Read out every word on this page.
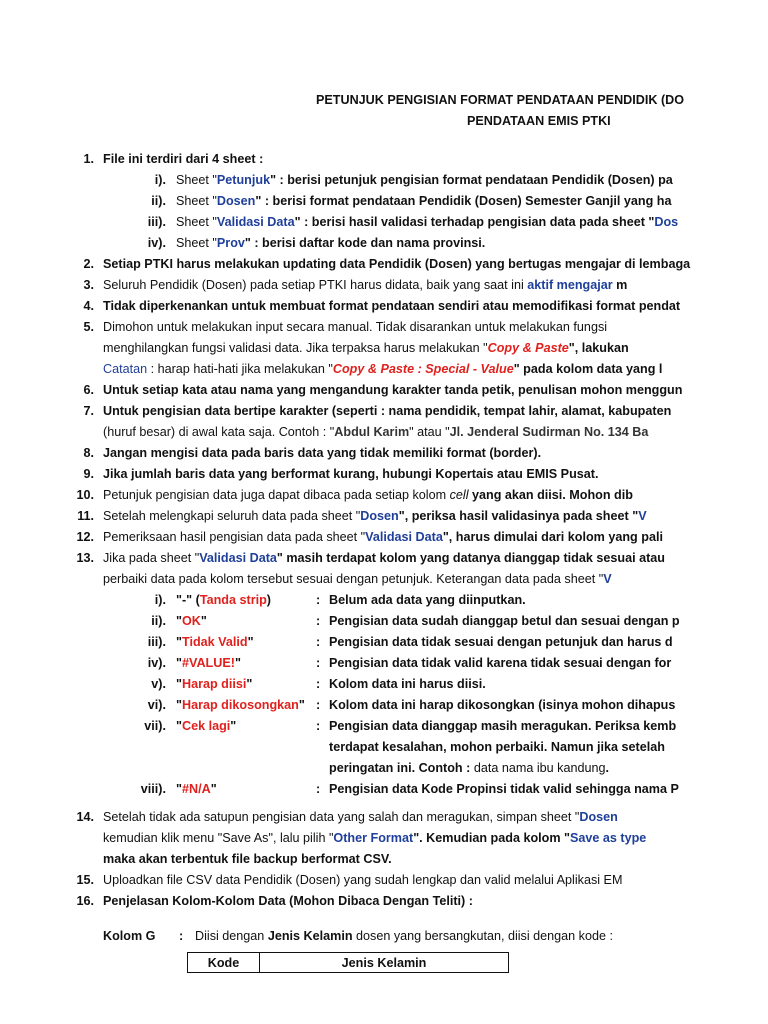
PETUNJUK PENGISIAN FORMAT PENDATAAN PENDIDIK (DO
PENDATAAN EMIS PTKI
1. File ini terdiri dari 4 sheet :
i). Sheet "Petunjuk" : berisi petunjuk pengisian format pendataan Pendidik (Dosen) pa
ii). Sheet "Dosen" : berisi format pendataan Pendidik (Dosen) Semester Ganjil yang ha
iii). Sheet "Validasi Data" : berisi hasil validasi terhadap pengisian data pada sheet "Dos
iv). Sheet "Prov" : berisi daftar kode dan nama provinsi.
2. Setiap PTKI harus melakukan updating data Pendidik (Dosen) yang bertugas mengajar di lembaga
3. Seluruh Pendidik (Dosen) pada setiap PTKI harus didata, baik yang saat ini aktif mengajar m
4. Tidak diperkenankan untuk membuat format pendataan sendiri atau memodifikasi format pendat
5. Dimohon untuk melakukan input secara manual. Tidak disarankan untuk melakukan fungsi
menghilangkan fungsi validasi data. Jika terpaksa harus melakukan "Copy & Paste", lakukan
Catatan : harap hati-hati jika melakukan "Copy & Paste : Special - Value" pada kolom data yang l
6. Untuk setiap kata atau nama yang mengandung karakter tanda petik, penulisan mohon menggun
7. Untuk pengisian data bertipe karakter (seperti : nama pendidik, tempat lahir, alamat, kabupaten
(huruf besar) di awal kata saja. Contoh : "Abdul Karim" atau "Jl. Jenderal Sudirman No. 134 Ba
8. Jangan mengisi data pada baris data yang tidak memiliki format (border).
9. Jika jumlah baris data yang berformat kurang, hubungi Kopertais atau EMIS Pusat.
10. Petunjuk pengisian data juga dapat dibaca pada setiap kolom cell yang akan diisi. Mohon dib
11. Setelah melengkapi seluruh data pada sheet "Dosen", periksa hasil validasinya pada sheet "V
12. Pemeriksaan hasil pengisian data pada sheet "Validasi Data", harus dimulai dari kolom yang pali
13. Jika pada sheet "Validasi Data" masih terdapat kolom yang datanya dianggap tidak sesuai atau
perbaiki data pada kolom tersebut sesuai dengan petunjuk. Keterangan data pada sheet "V
i). "-" (Tanda strip)	: Belum ada data yang diinputkan.
ii). "OK"	: Pengisian data sudah dianggap betul dan sesuai dengan p
iii). "Tidak Valid"	: Pengisian data tidak sesuai dengan petunjuk dan harus d
iv). "#VALUE!"	: Pengisian data tidak valid karena tidak sesuai dengan for
v). "Harap diisi"	: Kolom data ini harus diisi.
vi). "Harap dikosongkan" : Kolom data ini harap dikosongkan (isinya mohon dihapus
vii). "Cek lagi"	: Pengisian data dianggap masih meragukan. Periksa kemb
terdapat kesalahan, mohon perbaiki. Namun jika setelah
peringatan ini. Contoh : data nama ibu kandung.
viii). "#N/A"	: Pengisian data Kode Propinsi tidak valid sehingga nama P
14. Setelah tidak ada satupun pengisian data yang salah dan meragukan, simpan sheet "Dosen
kemudian klik menu "Save As", lalu pilih "Other Format". Kemudian pada kolom "Save as type
maka akan terbentuk file backup berformat CSV.
15. Uploadkan file CSV data Pendidik (Dosen) yang sudah lengkap dan valid melalui Aplikasi EM
16. Penjelasan Kolom-Kolom Data (Mohon Dibaca Dengan Teliti) :
Kolom G : Diisi dengan Jenis Kelamin dosen yang bersangkutan, diisi dengan kode :
Kode	Jenis Kelamin
